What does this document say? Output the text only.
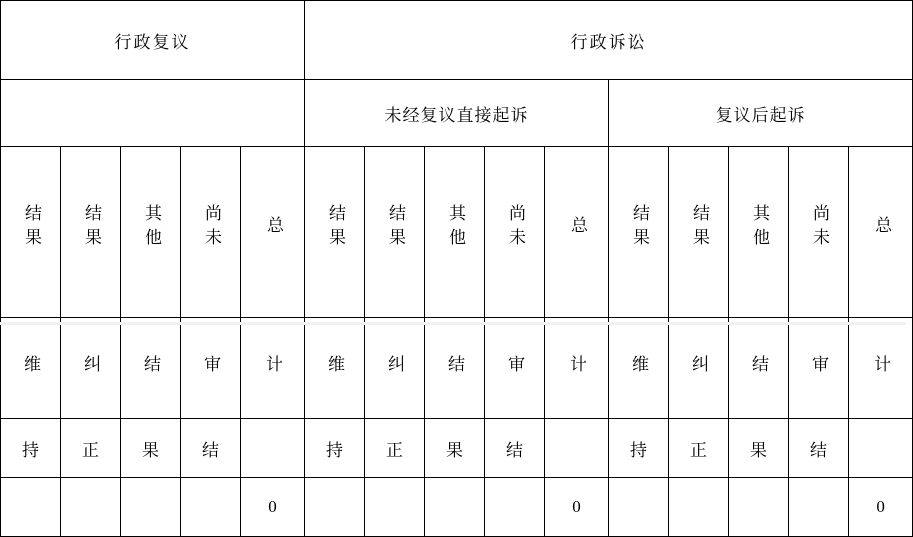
行政复议					行政诉讼									
					未经复议直接起诉					复议后起诉				
结果	结果	其他	尚未	总	结果	结果	其他	尚未	总	结果	结果	其他	尚未	总
维	纠	结	审	计	维	纠	结	审	计	维	纠	结	审	计
持	正	果	结		持	正	果	结		持	正	果	结	
				0					0					0
